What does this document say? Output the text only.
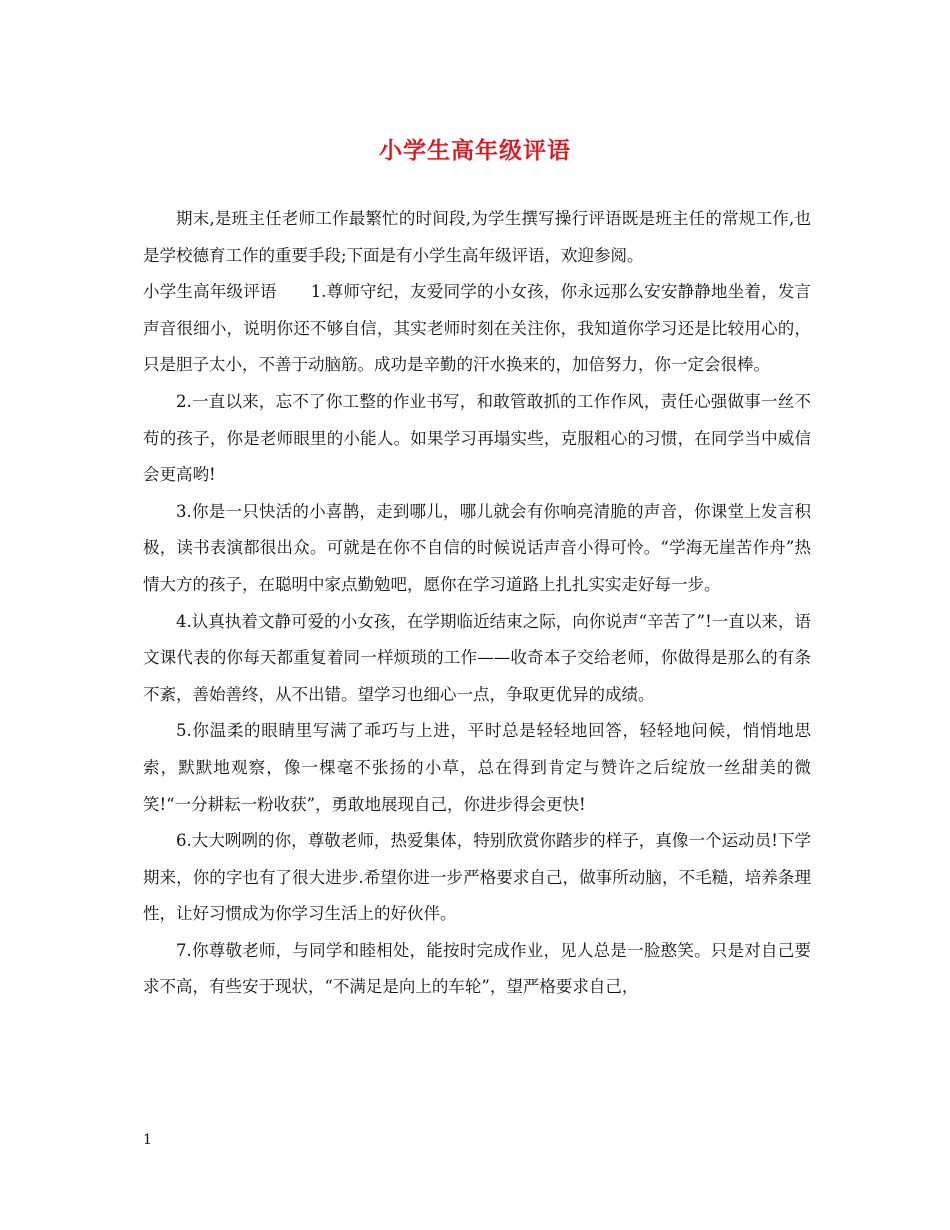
小学生高年级评语

期末,是班主任老师工作最繁忙的时间段,为学生撰写操行评语既是班主任的常规工作,也是学校德育工作的重要手段;下面是有小学生高年级评语，欢迎参阅。

小学生高年级评语 1.尊师守纪，友爱同学的小女孩，你永远那么安安静静地坐着，发言声音很细小，说明你还不够自信，其实老师时刻在关注你，我知道你学习还是比较用心的，只是胆子太小，不善于动脑筋。成功是辛勤的汗水换来的，加倍努力，你一定会很棒。

2.一直以来，忘不了你工整的作业书写，和敢管敢抓的工作作风，责任心强做事一丝不苟的孩子，你是老师眼里的小能人。如果学习再塌实些，克服粗心的习惯，在同学当中威信会更高哟!

3.你是一只快活的小喜鹊，走到哪儿，哪儿就会有你响亮清脆的声音，你课堂上发言积极，读书表演都很出众。可就是在你不自信的时候说话声音小得可怜。“学海无崖苦作舟”热情大方的孩子，在聪明中家点勤勉吧，愿你在学习道路上扎扎实实走好每一步。

4.认真执着文静可爱的小女孩，在学期临近结束之际，向你说声“辛苦了”!一直以来，语文课代表的你每天都重复着同一样烦琐的工作——收奇本子交给老师，你做得是那么的有条不紊，善始善终，从不出错。望学习也细心一点，争取更优异的成绩。

5.你温柔的眼睛里写满了乖巧与上进，平时总是轻轻地回答，轻轻地问候，悄悄地思索，默默地观察，像一棵毫不张扬的小草，总在得到肯定与赞许之后绽放一丝甜美的微笑!“一分耕耘一粉收获”，勇敢地展现自己，你进步得会更快!

6.大大咧咧的你，尊敬老师，热爱集体，特别欣赏你踏步的样子，真像一个运动员!下学期来，你的字也有了很大进步.希望你进一步严格要求自己，做事所动脑，不毛糙，培养条理性，让好习惯成为你学习生活上的好伙伴。

7.你尊敬老师，与同学和睦相处，能按时完成作业，见人总是一脸憨笑。只是对自己要求不高，有些安于现状，“不满足是向上的车轮”，望严格要求自己，

1
